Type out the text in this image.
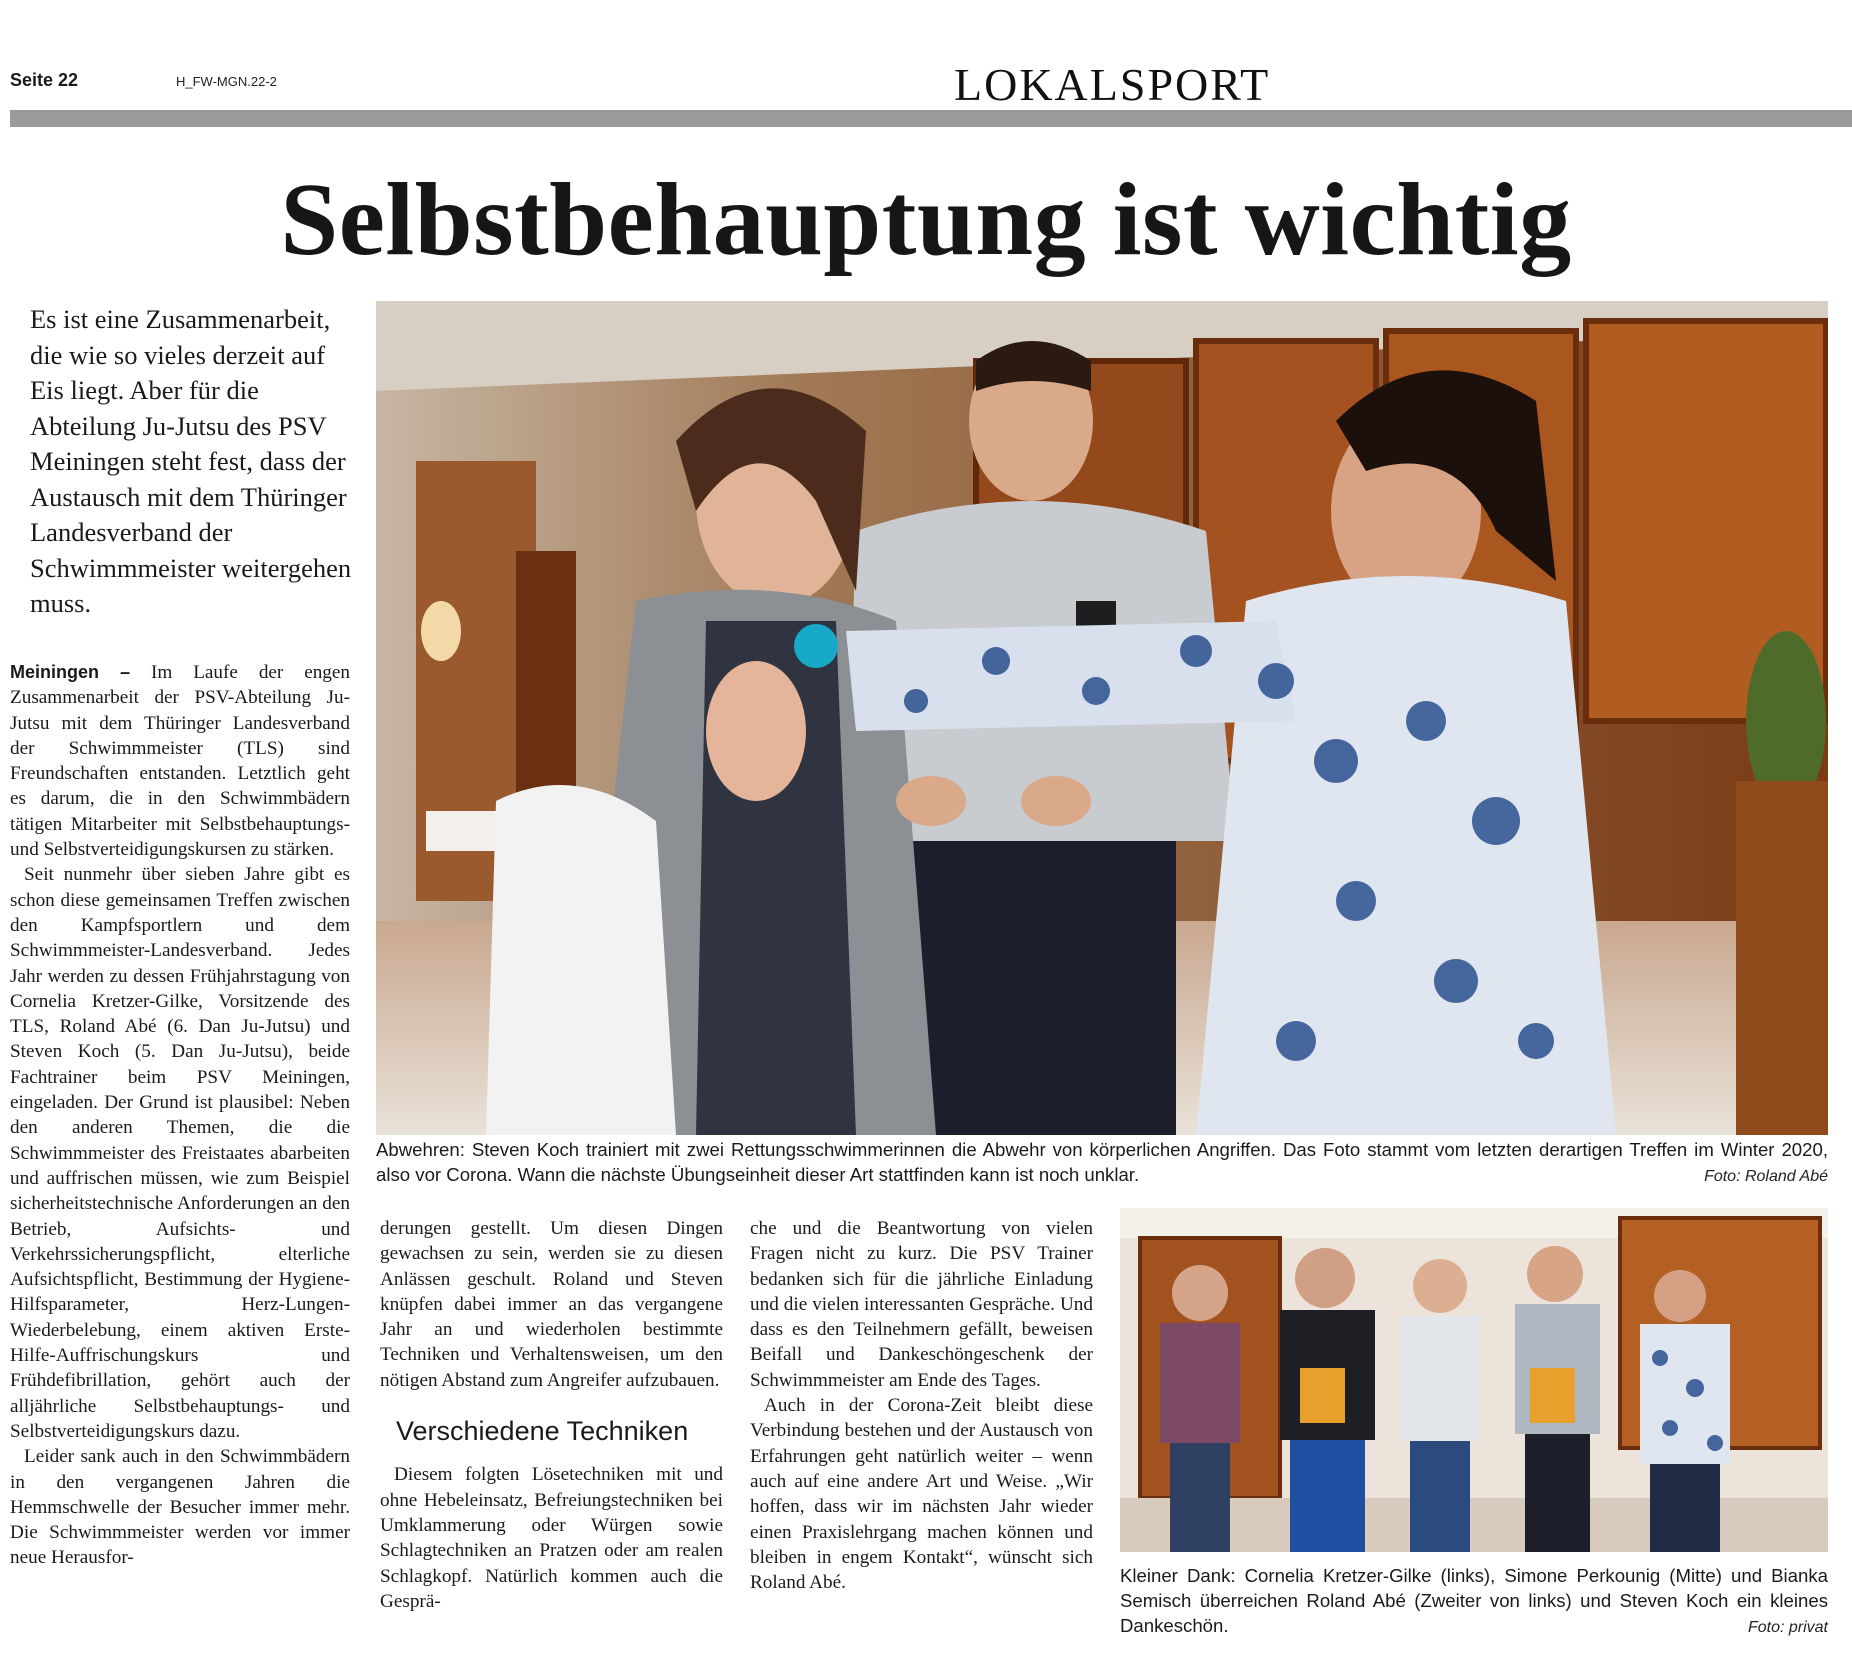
Seite 22	H_FW-MGN.22-2	LOKALSPORT
Selbstbehauptung ist wichtig
Es ist eine Zusammenarbeit, die wie so vieles derzeit auf Eis liegt. Aber für die Abteilung Ju-Jutsu des PSV Meiningen steht fest, dass der Austausch mit dem Thüringer Landesverband der Schwimmmeister weitergehen muss.
Abwehren: Steven Koch trainiert mit zwei Rettungsschwimmerinnen die Abwehr von körperlichen Angriffen. Das Foto stammt vom letzten derartigen Treffen im Winter 2020, also vor Corona. Wann die nächste Übungseinheit dieser Art stattfinden kann ist noch unklar.	Foto: Roland Abé
Kleiner Dank: Cornelia Kretzer-Gilke (links), Simone Perkounig (Mitte) und Bianka Semisch überreichen Roland Abé (Zweiter von links) und Steven Koch ein kleines Dankeschön.	Foto: privat

Meiningen – Im Laufe der engen Zusammenarbeit der PSV-Abteilung Ju-Jutsu mit dem Thüringer Landesverband der Schwimmmeister (TLS) sind Freundschaften entstanden. Letztlich geht es darum, die in den Schwimmbädern tätigen Mitarbeiter mit Selbstbehauptungs- und Selbstverteidigungskursen zu stärken.

Seit nunmehr über sieben Jahre gibt es schon diese gemeinsamen Treffen zwischen den Kampfsportlern und dem Schwimmmeister-Landesverband. Jedes Jahr werden zu dessen Frühjahrstagung von Cornelia Kretzer-Gilke, Vorsitzende des TLS, Roland Abé (6. Dan Ju-Jutsu) und Steven Koch (5. Dan Ju-Jutsu), beide Fachtrainer beim PSV Meiningen, eingeladen. Der Grund ist plausibel: Neben den anderen Themen, die die Schwimmmeister des Freistaates abarbeiten und auffrischen müssen, wie zum Beispiel sicherheitstechnische Anforderungen an den Betrieb, Aufsichts- und Verkehrssicherungspflicht, elterliche Aufsichtspflicht, Bestimmung der Hygiene-Hilfsparameter, Herz-Lungen-Wiederbelebung, einem aktiven Erste-Hilfe-Auffrischungskurs und Frühdefibrillation, gehört auch der alljährliche Selbstbehauptungs- und Selbstverteidigungskurs dazu.

Leider sank auch in den Schwimmbädern in den vergangenen Jahren die Hemmschwelle der Besucher immer mehr. Die Schwimmmeister werden vor immer neue Herausfor-

derungen gestellt. Um diesen Dingen gewachsen zu sein, werden sie zu diesen Anlässen geschult. Roland und Steven knüpfen dabei immer an das vergangene Jahr an und wiederholen bestimmte Techniken und Verhaltensweisen, um den nötigen Abstand zum Angreifer aufzubauen.

Verschiedene Techniken

Diesem folgten Lösetechniken mit und ohne Hebeleinsatz, Befreiungstechniken bei Umklammerung oder Würgen sowie Schlagtechniken an Pratzen oder am realen Schlagkopf. Natürlich kommen auch die Gesprä-

che und die Beantwortung von vielen Fragen nicht zu kurz. Die PSV Trainer bedanken sich für die jährliche Einladung und die vielen interessanten Gespräche. Und dass es den Teilnehmern gefällt, beweisen Beifall und Dankeschöngeschenk der Schwimmmeister am Ende des Tages.

Auch in der Corona-Zeit bleibt diese Verbindung bestehen und der Austausch von Erfahrungen geht natürlich weiter – wenn auch auf eine andere Art und Weise. „Wir hoffen, dass wir im nächsten Jahr wieder einen Praxislehrgang machen können und bleiben in engem Kontakt“, wünscht sich Roland Abé.
